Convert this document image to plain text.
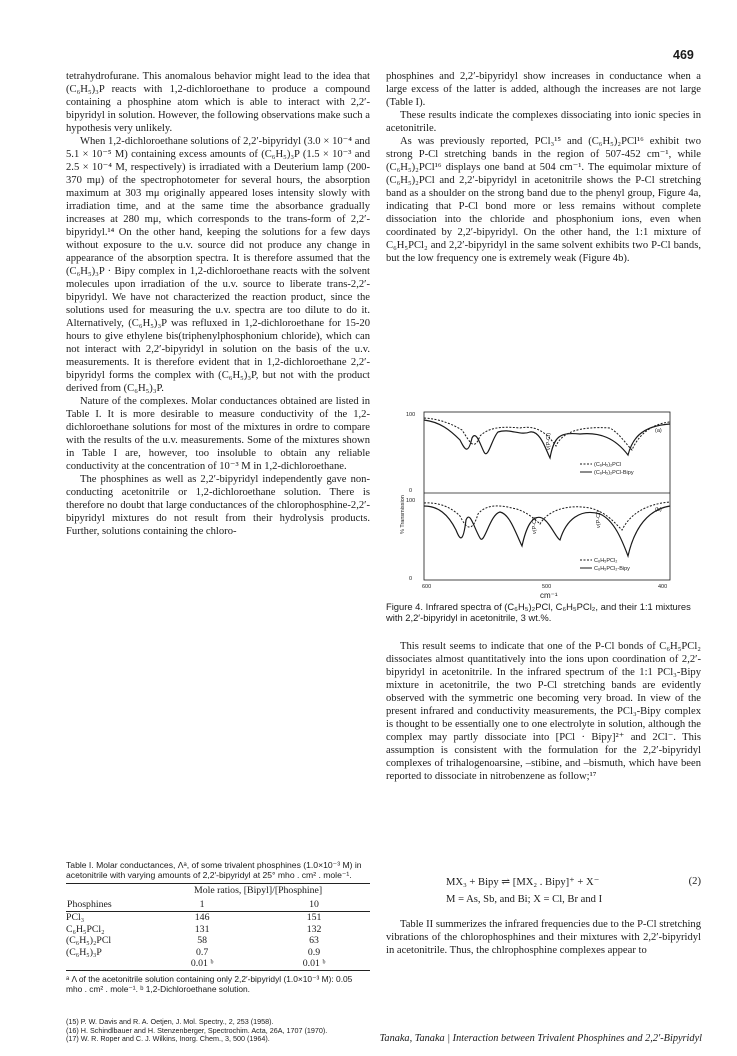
469

tetrahydrofurane. This anomalous behavior might lead to the idea that (C₆H₅)₃P reacts with 1,2-dichloroethane to produce a compound containing a phosphine atom which is able to interact with 2,2′-bipyridyl in solution. However, the following observations make such a hypothesis very unlikely.

When 1,2-dichloroethane solutions of 2,2′-bipyridyl (3.0 × 10⁻⁴ and 5.1 × 10⁻⁵ M) containing excess amounts of (C₆H₅)₃P (1.5 × 10⁻³ and 2.5 × 10⁻⁴ M, respectively) is irradiated with a Deuterium lamp (200-370 mμ) of the spectrophotometer for several hours, the absorption maximum at 303 mμ originally appeared loses intensity slowly with irradiation time, and at the same time the absorbance gradually increases at 280 mμ, which corresponds to the trans-form of 2,2′-bipyridyl.¹⁴ On the other hand, keeping the solutions for a few days without exposure to the u.v. source did not produce any change in appearance of the absorption spectra. It is therefore assumed that the (C₆H₅)₃P · Bipy complex in 1,2-dichloroethane reacts with the solvent molecules upon irradiation of the u.v. source to liberate trans-2,2′-bipyridyl. We have not characterized the reaction product, since the solutions used for measuring the u.v. spectra are too dilute to do it. Alternatively, (C₆H₅)₃P was refluxed in 1,2-dichloroethane for 15-20 hours to give ethylene bis(triphenylphosphonium chloride), which can not interact with 2,2′-bipyridyl in solution on the basis of the u.v. measurements. It is therefore evident that in 1,2-dichloroethane 2,2′-bipyridyl forms the complex with (C₆H₅)₃P, but not with the product derived from (C₆H₅)₃P.

Nature of the complexes. Molar conductances obtained are listed in Table I. It is more desirable to measure conductivity of the 1,2-dichloroethane solutions for most of the mixtures in ordre to compare with the results of the u.v. measurements. Some of the mixtures shown in Table I are, however, too insoluble to obtain any reliable conductivity at the concentration of 10⁻³ M in 1,2-dichloroethane.

The phosphines as well as 2,2′-bipyridyl independently gave non-conducting acetonitrile or 1,2-dichloroethane solution. There is therefore no doubt that large conductances of the chlorophosphine-2,2′-bipyridyl mixtures do not result from their hydrolysis products. Further, solutions containing the chloro-

Table I. Molar conductances, Λᵃ, of some trivalent phosphines (1.0×10⁻³ M) in acetonitrile with varying amounts of 2,2′-bipyridyl at 25° mho . cm² . mole⁻¹.
Phosphines	Mole ratios, [Bipyl]/[Phosphine]	
	1	10
PCl₃	146	151
C₆H₅PCl₂	131	132
(C₆H₅)₂PCl	58	63
(C₆H₅)₃P	0.7	0.9
	0.01 ᵇ	0.01 ᵇ
ᵃ Λ of the acetonitrile solution containing only 2,2′-bipyridyl (1.0×10⁻³ M): 0.05 mho . cm² . mole⁻¹. ᵇ 1,2-Dichloroethane solution.

(15) P. W. Davis and R. A. Oetjen, J. Mol. Spectry., 2, 253 (1958).

(16) H. Schindlbauer and H. Stenzenberger, Spectrochim. Acta, 26A, 1707 (1970).

(17) W. R. Roper and C. J. Wilkins, Inorg. Chem., 3, 500 (1964).

phosphines and 2,2′-bipyridyl show increases in conductance when a large excess of the latter is added, although the increases are not large (Table I).

These results indicate the complexes dissociating into ionic species in acetonitrile.

As was previously reported, PCl₃¹⁵ and (C₆H₅)₂PCl¹⁶ exhibit two strong P-Cl stretching bands in the region of 507-452 cm⁻¹, while (C₆H₅)₂PCl¹⁶ displays one band at 504 cm⁻¹. The equimolar mixture of (C₆H₅)₂PCl and 2,2′-bipyridyl in acetonitrile shows the P-Cl stretching band as a shoulder on the strong band due to the phenyl group, Figure 4a, indicating that P-Cl bond more or less remains without complete dissociation into the chloride and phosphonium ions, even when coordinated by 2,2′-bipyridyl. On the other hand, the 1:1 mixture of C₆H₅PCl₂ and 2,2′-bipyridyl in the same solvent exhibits two P-Cl bands, but the low frequency one is extremely weak (Figure 4b).

100
0
100
0
% Transmission
600	500	400
(a)
(b)
ν(P-Cl)
ν(P-Cl)	ν(P-Cl)
(C₆H₅)₂PCl
(C₆H₅)₂PCl-Bipy
C₆H₅PCl₂
C₆H₅PCl₂-Bipy
cm⁻¹
Figure 4. Infrared spectra of (C₆H₅)₂PCl, C₆H₅PCl₂, and their 1:1 mixtures with 2,2′-bipyridyl in acetonitrile, 3 wt.%.

This result seems to indicate that one of the P-Cl bonds of C₆H₅PCl₂ dissociates almost quantitatively into the ions upon coordination of 2,2′-bipyridyl in acetonitrile. In the infrared spectrum of the 1:1 PCl₃-Bipy mixture in acetonitrile, the two P-Cl stretching bands are evidently observed with the symmetric one becoming very broad. In view of the present infrared and conductivity measurements, the PCl₃-Bipy complex is thought to be essentially one to one electrolyte in solution, although the complex may partly dissociate into [PCl · Bipy]²⁺ and 2Cl⁻. This assumption is consistent with the formulation for the 2,2′-bipyridyl complexes of trihalogenoarsine, –stibine, and –bismuth, which have been reported to dissociate in nitrobenzene as follow;¹⁷

MX₃ + Bipy ⇌ [MX₂ . Bipy]⁺ + X⁻	(2)
M = As, Sb, and Bi; X = Cl, Br and I

Table II summerizes the infrared frequencies due to the P-Cl stretching vibrations of the chlorophosphines and their mixtures with 2,2′-bipyridyl in acetonitrile. Thus, the chlrophosphine complexes appear to

Tanaka, Tanaka | Interaction between Trivalent Phosphines and 2,2′-Bipyridyl
